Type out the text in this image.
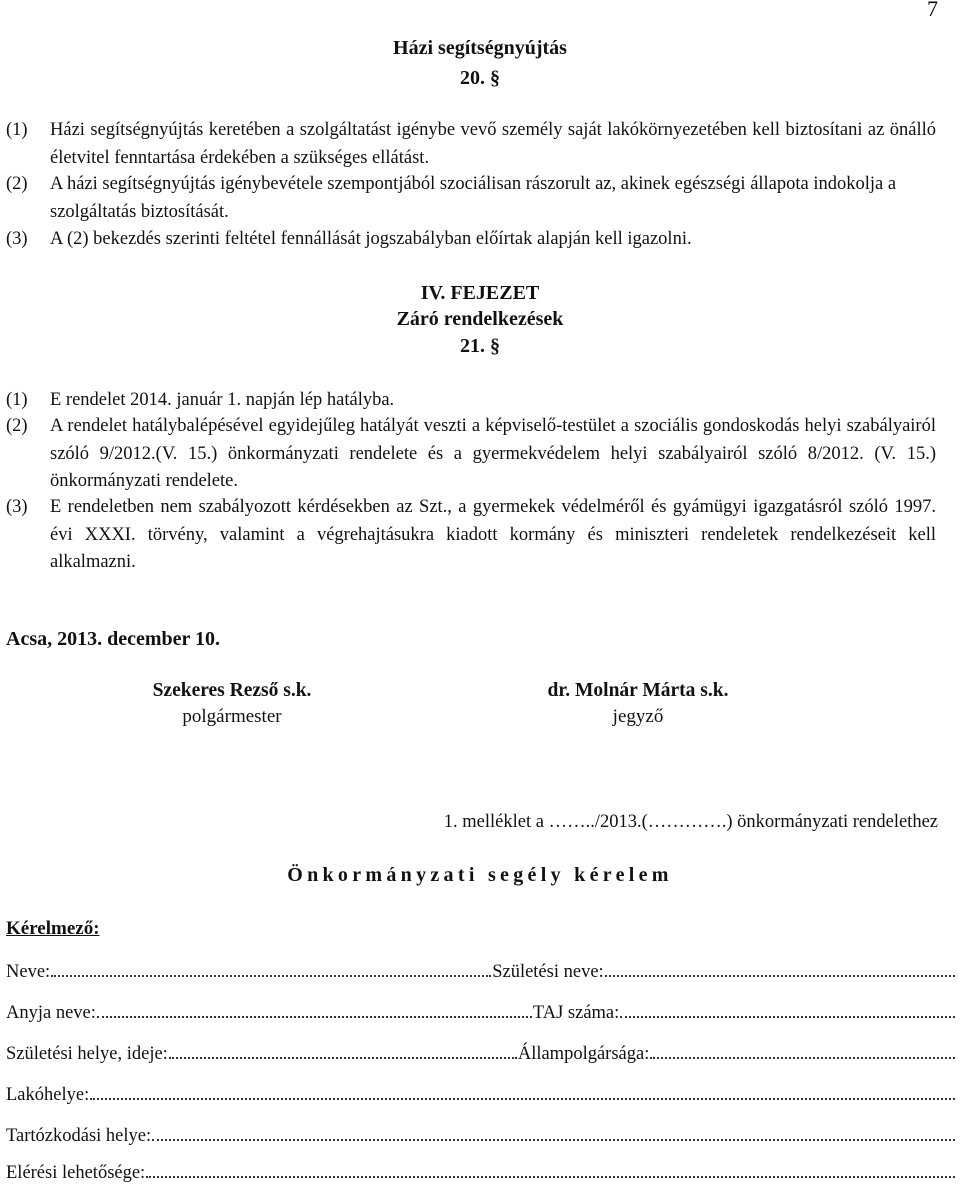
7
Házi segítségnyújtás
20. §
(1) Házi segítségnyújtás keretében a szolgáltatást igénybe vevő személy saját lakókörnyezetében kell biztosítani az önálló életvitel fenntartása érdekében a szükséges ellátást.
(2) A házi segítségnyújtás igénybevétele szempontjából szociálisan rászorult az, akinek egészségi állapota indokolja a szolgáltatás biztosítását.
(3) A (2) bekezdés szerinti feltétel fennállását jogszabályban előírtak alapján kell igazolni.
IV. FEJEZET
Záró rendelkezések
21. §
(1) E rendelet 2014. január 1. napján lép hatályba.
(2) A rendelet hatálybalépésével egyidejűleg hatályát veszti a képviselő-testület a szociális gondoskodás helyi szabályairól szóló 9/2012.(V. 15.) önkormányzati rendelete és a gyermekvédelem helyi szabályairól szóló 8/2012. (V. 15.) önkormányzati rendelete.
(3) E rendeletben nem szabályozott kérdésekben az Szt., a gyermekek védelméről és gyámügyi igazgatásról szóló 1997. évi XXXI. törvény, valamint a végrehajtásukra kiadott kormány és miniszteri rendeletek rendelkezéseit kell alkalmazni.
Acsa, 2013. december 10.
Szekeres Rezső s.k.
polgármester
dr. Molnár Márta s.k.
jegyző
1. melléklet a ……../2013.(………….) önkormányzati rendelethez
Önkormányzati segély kérelem
Kérelmező:
Neve:	Születési neve:
Anyja neve:	TAJ száma:
Születési helye, ideje:	Állampolgársága:
Lakóhelye:
Tartózkodási helye:
Elérési lehetősége:
